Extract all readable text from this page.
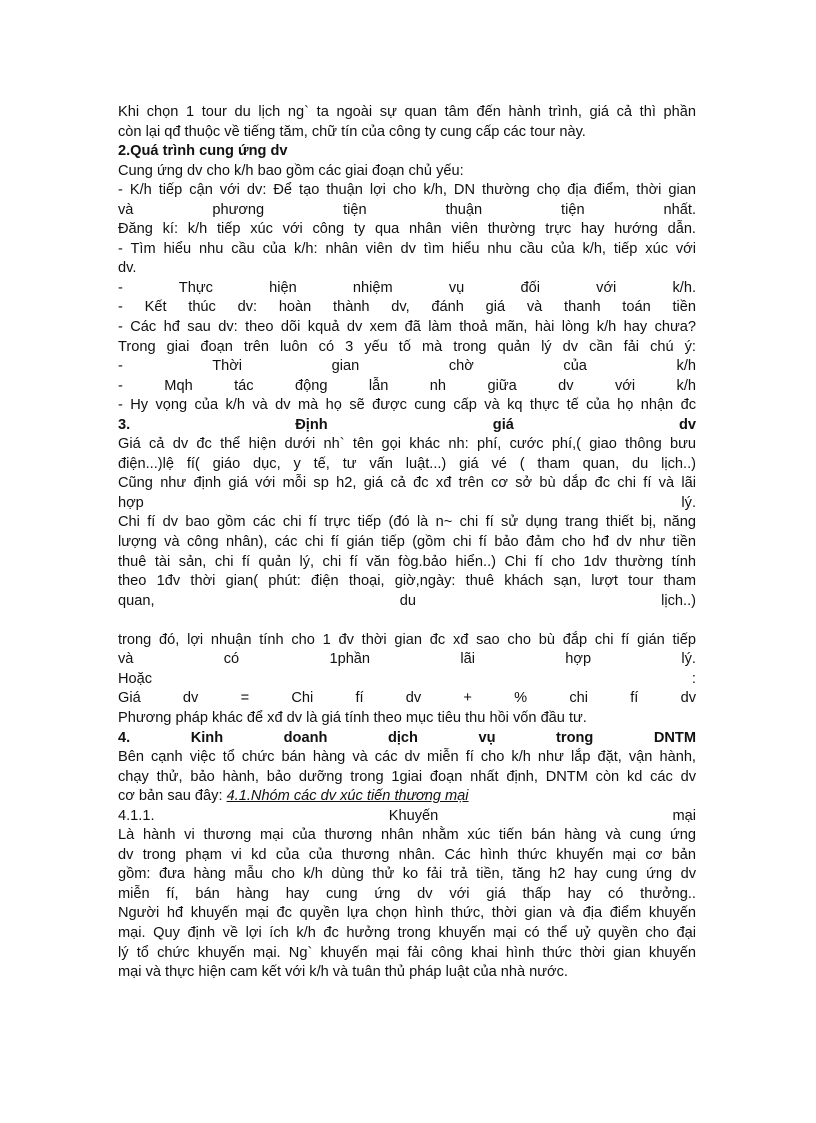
Khi chọn 1 tour du lịch ng` ta ngoài sự quan tâm đến hành trình, giá cả thì phần
còn lại qđ thuộc về tiếng tăm, chữ tín của công ty cung cấp các tour này.
2.Quá trình cung ứng dv
Cung ứng dv cho k/h bao gồm các giai đoạn chủ yếu:
- K/h tiếp cận với dv: Để tạo thuận lợi cho k/h, DN thường chọ địa điểm, thời gian
và phương tiện thuận tiện nhất.
Đăng kí: k/h tiếp xúc với công ty qua nhân viên thường trực hay hướng dẫn.
- Tìm hiểu nhu cầu của k/h: nhân viên dv tìm hiểu nhu cầu của k/h, tiếp xúc với
dv.
- Thực hiện nhiệm vụ đối với k/h.
- Kết thúc dv: hoàn thành dv, đánh giá và thanh toán tiền
- Các hđ sau dv: theo dõi kquả dv xem đã làm thoả mãn, hài lòng k/h hay chưa?
Trong giai đoạn trên luôn có 3 yếu tố mà trong quản lý dv cần fải chú ý:
- Thời gian chờ của k/h
- Mqh tác động lẫn nh giữa dv với k/h
- Hy vọng của k/h và dv mà họ sẽ được cung cấp và kq thực tế của họ nhận đc
3. Định giá dv
Giá cả dv đc thể hiện dưới nh` tên gọi khác nh: phí, cước phí,( giao thông bưu
điện...)lệ fí( giáo dục, y tế, tư vấn luật...) giá vé ( tham quan, du lịch..)
Cũng như định giá với mỗi sp h2, giá cả đc xđ trên cơ sở bù dắp đc chi fí và lãi
hợp lý.
Chi fí dv bao gồm các chi fí trực tiếp (đó là n~ chi fí sử dụng trang thiết bị, năng
lượng và công nhân), các chi fí gián tiếp (gồm chi fí bảo đảm cho hđ dv như tiền
thuê tài sản, chi fí quản lý, chi fí văn fòg.bảo hiển..) Chi fí cho 1dv thường tính
theo 1đv thời gian( phút: điện thoại, giờ,ngày: thuê khách sạn, lượt tour tham
quan, du lịch..)
trong đó, lợi nhuận tính cho 1 đv thời gian đc xđ sao cho bù đắp chi fí gián tiếp
và có 1phần lãi hợp lý.
Hoặc :
Giá dv = Chi fí dv + % chi fí dv
Phương pháp khác để xđ dv là giá tính theo mục tiêu thu hồi vốn đầu tư.
4. Kinh doanh dịch vụ trong DNTM
Bên cạnh việc tổ chức bán hàng và các dv miễn fí cho k/h như lắp đặt, vận hành,
chạy thử, bảo hành, bảo dưỡng trong 1giai đoạn nhất định, DNTM còn kd các dv
cơ bản sau đây: 4.1.Nhóm các dv xúc tiến thương mại
4.1.1. Khuyến mại
Là hành vi thương mại của thương nhân nhằm xúc tiến bán hàng và cung ứng
dv trong phạm vi kd của của thương nhân. Các hình thức khuyến mại cơ bản
gồm: đưa hàng mẫu cho k/h dùng thử ko fải trả tiền, tăng h2 hay cung ứng dv
miễn fí, bán hàng hay cung ứng dv với giá thấp hay có thưởng..
Người hđ khuyến mại đc quyền lựa chọn hình thức, thời gian và địa điểm khuyến
mại. Quy định về lợi ích k/h đc hưởng trong khuyến mại có thể uỷ quyền cho đại
lý tổ chức khuyến mại. Ng` khuyến mại fải công khai hình thức thời gian khuyến
mại và thực hiện cam kết với k/h và tuân thủ pháp luật của nhà nước.
